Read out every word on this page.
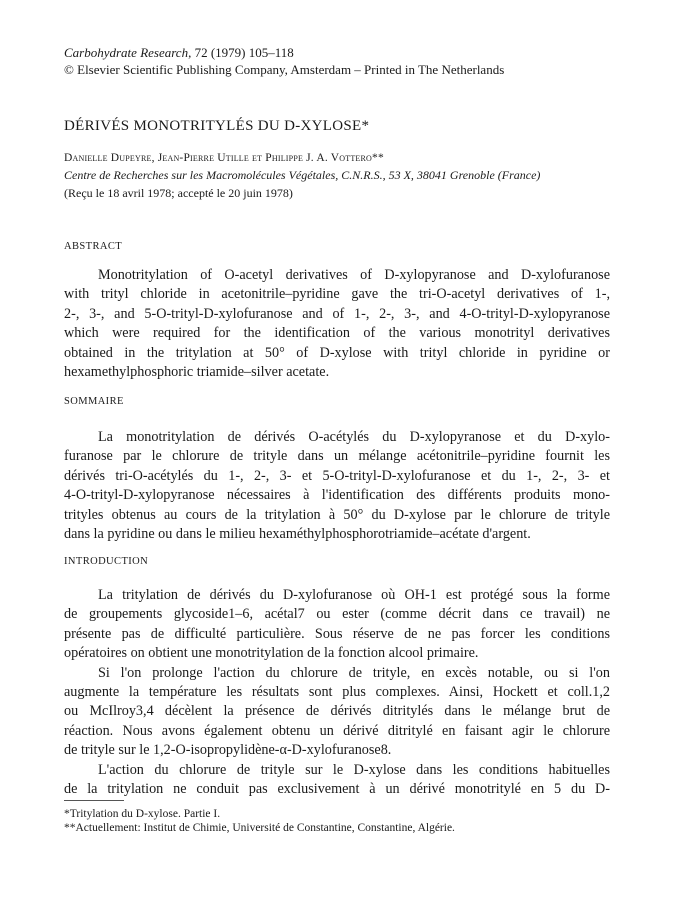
Carbohydrate Research, 72 (1979) 105–118
© Elsevier Scientific Publishing Company, Amsterdam – Printed in The Netherlands
DÉRIVÉS MONOTRITYLÉS DU D-XYLOSE*
Danielle Dupeyre, Jean-Pierre Utille et Philippe J. A. Vottero**
Centre de Recherches sur les Macromolécules Végétales, C.N.R.S., 53 X, 38041 Grenoble (France)
(Reçu le 18 avril 1978; accepté le 20 juin 1978)
ABSTRACT
Monotritylation of O-acetyl derivatives of D-xylopyranose and D-xylofuranose
with trityl chloride in acetonitrile–pyridine gave the tri-O-acetyl derivatives of 1-,
2-, 3-, and 5-O-trityl-D-xylofuranose and of 1-, 2-, 3-, and 4-O-trityl-D-xylopyranose
which were required for the identification of the various monotrityl derivatives
obtained in the tritylation at 50° of D-xylose with trityl chloride in pyridine or
hexamethylphosphoric triamide–silver acetate.
SOMMAIRE
La monotritylation de dérivés O-acétylés du D-xylopyranose et du D-xylo-
furanose par le chlorure de trityle dans un mélange acétonitrile–pyridine fournit les
dérivés tri-O-acétylés du 1-, 2-, 3- et 5-O-trityl-D-xylofuranose et du 1-, 2-, 3- et
4-O-trityl-D-xylopyranose nécessaires à l'identification des différents produits mono-
trityles obtenus au cours de la tritylation à 50° du D-xylose par le chlorure de trityle
dans la pyridine ou dans le milieu hexaméthylphosphorotriamide–acétate d'argent.
INTRODUCTION
La tritylation de dérivés du D-xylofuranose où OH-1 est protégé sous la forme
de groupements glycoside1–6, acétal7 ou ester (comme décrit dans ce travail) ne
présente pas de difficulté particulière. Sous réserve de ne pas forcer les conditions
opératoires on obtient une monotritylation de la fonction alcool primaire.
Si l'on prolonge l'action du chlorure de trityle, en excès notable, ou si l'on
augmente la température les résultats sont plus complexes. Ainsi, Hockett et coll.1,2
ou McIlroy3,4 décèlent la présence de dérivés ditritylés dans le mélange brut de
réaction. Nous avons également obtenu un dérivé ditritylé en faisant agir le chlorure
de trityle sur le 1,2-O-isopropylidène-α-D-xylofuranose8.
L'action du chlorure de trityle sur le D-xylose dans les conditions habituelles
de la tritylation ne conduit pas exclusivement à un dérivé monotritylé en 5 du D-
*Tritylation du D-xylose. Partie I.
**Actuellement: Institut de Chimie, Université de Constantine, Constantine, Algérie.
